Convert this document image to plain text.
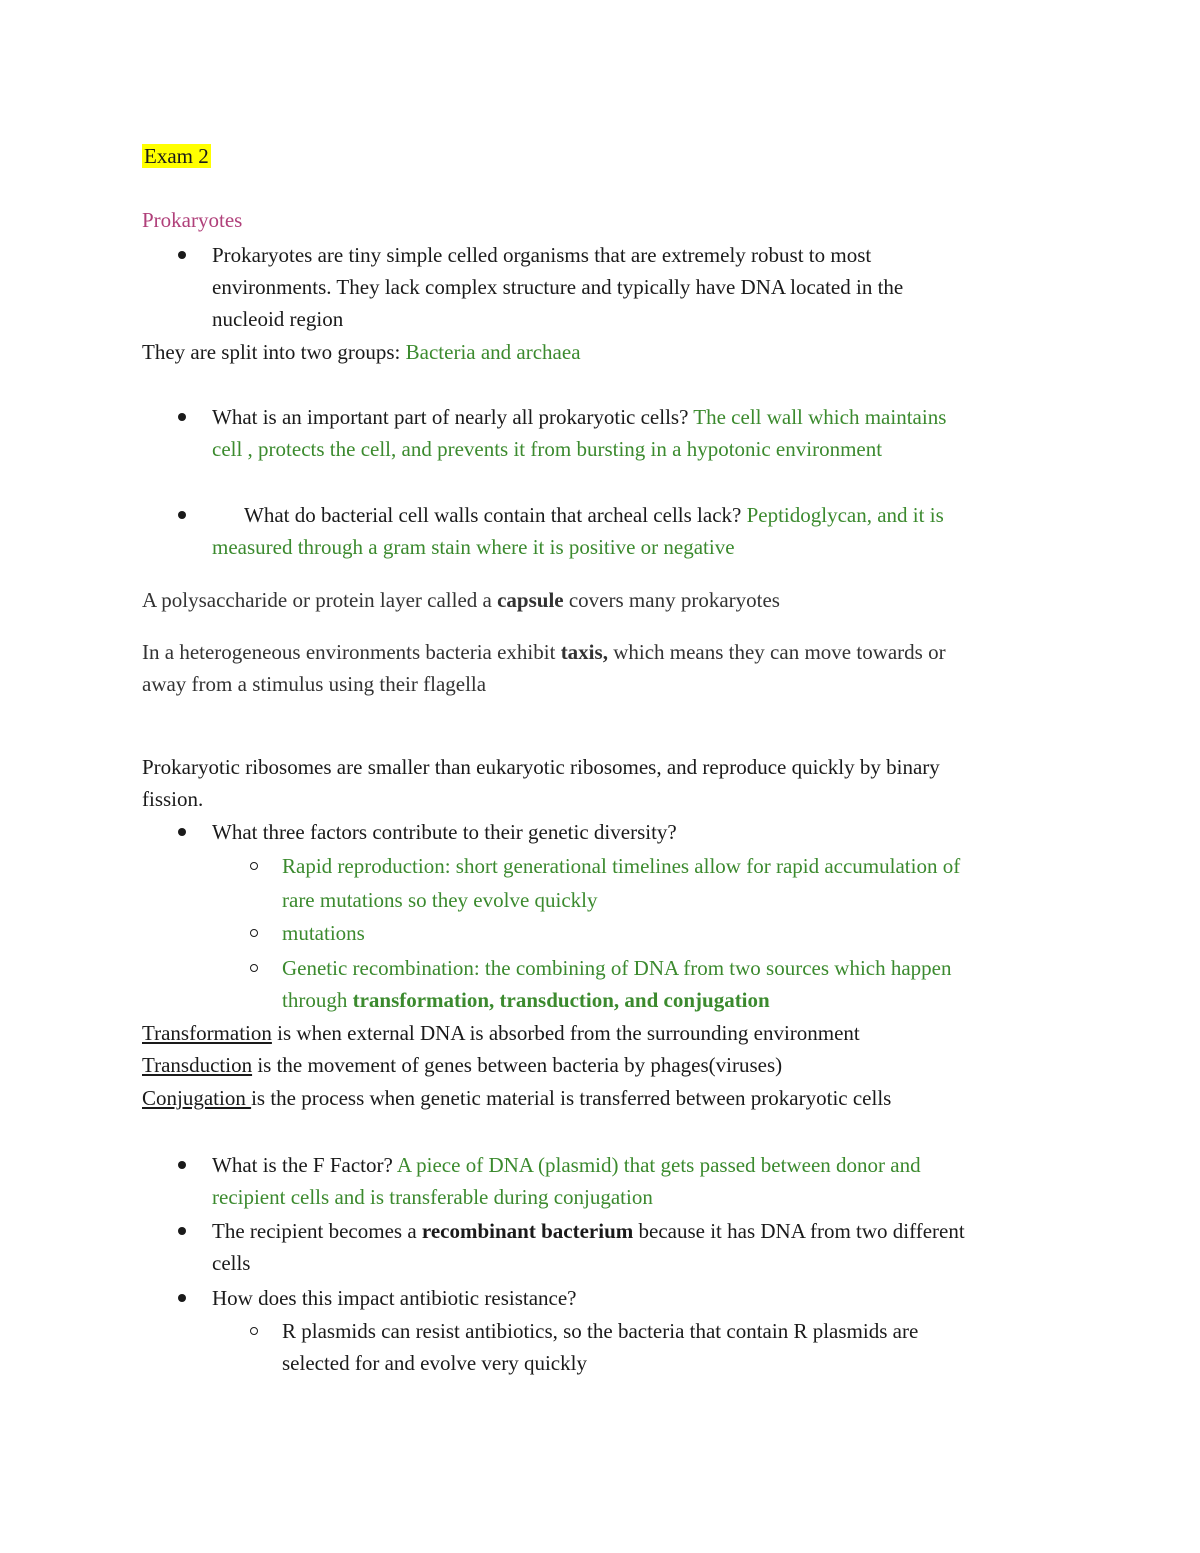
Exam 2
Prokaryotes
Prokaryotes are tiny simple celled organisms that are extremely robust to most
environments. They lack complex structure and typically have DNA located in the
nucleoid region
They are split into two groups: Bacteria and archaea
What is an important part of nearly all prokaryotic cells? The cell wall which maintains
cell , protects the cell, and prevents it from bursting in a hypotonic environment
What do bacterial cell walls contain that archeal cells lack? Peptidoglycan, and it is
measured through a gram stain where it is positive or negative
A polysaccharide or protein layer called a capsule covers many prokaryotes
In a heterogeneous environments bacteria exhibit taxis, which means they can move towards or
away from a stimulus using their flagella
Prokaryotic ribosomes are smaller than eukaryotic ribosomes, and reproduce quickly by binary
fission.
What three factors contribute to their genetic diversity?
Rapid reproduction: short generational timelines allow for rapid accumulation of
rare mutations so they evolve quickly
mutations
Genetic recombination: the combining of DNA from two sources which happen
through transformation, transduction, and conjugation
Transformation is when external DNA is absorbed from the surrounding environment
Transduction is the movement of genes between bacteria by phages(viruses)
Conjugation is the process when genetic material is transferred between prokaryotic cells
What is the F Factor? A piece of DNA (plasmid) that gets passed between donor and
recipient cells and is transferable during conjugation
The recipient becomes a recombinant bacterium because it has DNA from two different
cells
How does this impact antibiotic resistance?
R plasmids can resist antibiotics, so the bacteria that contain R plasmids are
selected for and evolve very quickly
